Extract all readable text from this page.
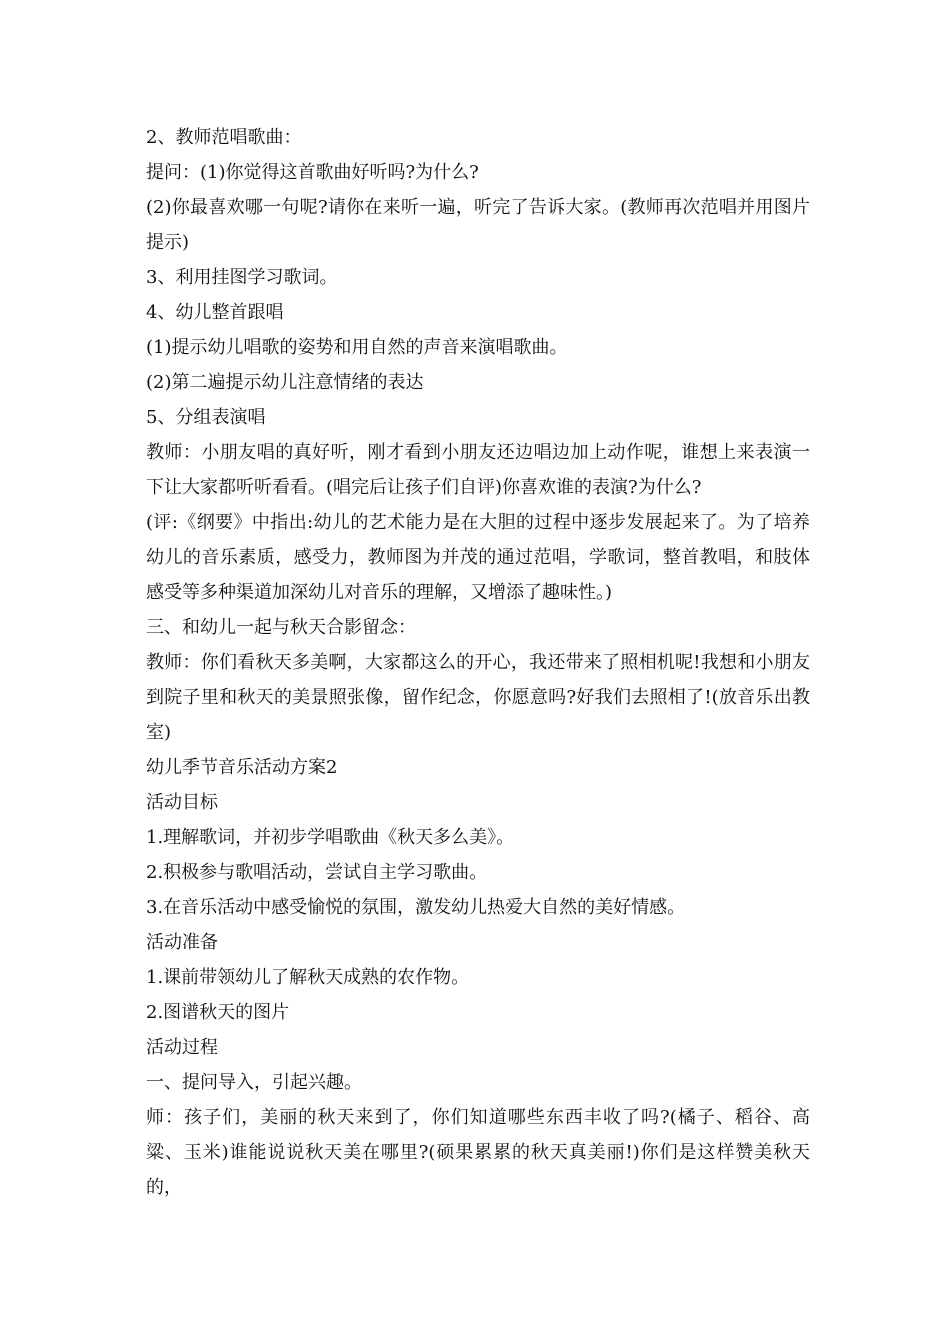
2、教师范唱歌曲：

提问：(1)你觉得这首歌曲好听吗?为什么?

(2)你最喜欢哪一句呢?请你在来听一遍，听完了告诉大家。(教师再次范唱并用图片提示)

3、利用挂图学习歌词。

4、幼儿整首跟唱

(1)提示幼儿唱歌的姿势和用自然的声音来演唱歌曲。

(2)第二遍提示幼儿注意情绪的表达

5、分组表演唱

教师：小朋友唱的真好听，刚才看到小朋友还边唱边加上动作呢，谁想上来表演一下让大家都听听看看。(唱完后让孩子们自评)你喜欢谁的表演?为什么?

(评:《纲要》中指出:幼儿的艺术能力是在大胆的过程中逐步发展起来了。为了培养幼儿的音乐素质，感受力，教师图为并茂的通过范唱，学歌词，整首教唱，和肢体感受等多种渠道加深幼儿对音乐的理解，又增添了趣味性。)

三、和幼儿一起与秋天合影留念：

教师：你们看秋天多美啊，大家都这么的开心，我还带来了照相机呢!我想和小朋友到院子里和秋天的美景照张像，留作纪念，你愿意吗?好我们去照相了!(放音乐出教室)

幼儿季节音乐活动方案2

活动目标

1.理解歌词，并初步学唱歌曲《秋天多么美》。

2.积极参与歌唱活动，尝试自主学习歌曲。

3.在音乐活动中感受愉悦的氛围，激发幼儿热爱大自然的美好情感。

活动准备

1.课前带领幼儿了解秋天成熟的农作物。

2.图谱秋天的图片

活动过程

一、提问导入，引起兴趣。

师：孩子们，美丽的秋天来到了，你们知道哪些东西丰收了吗?(橘子、稻谷、高粱、玉米)谁能说说秋天美在哪里?(硕果累累的秋天真美丽!)你们是这样赞美秋天的，
